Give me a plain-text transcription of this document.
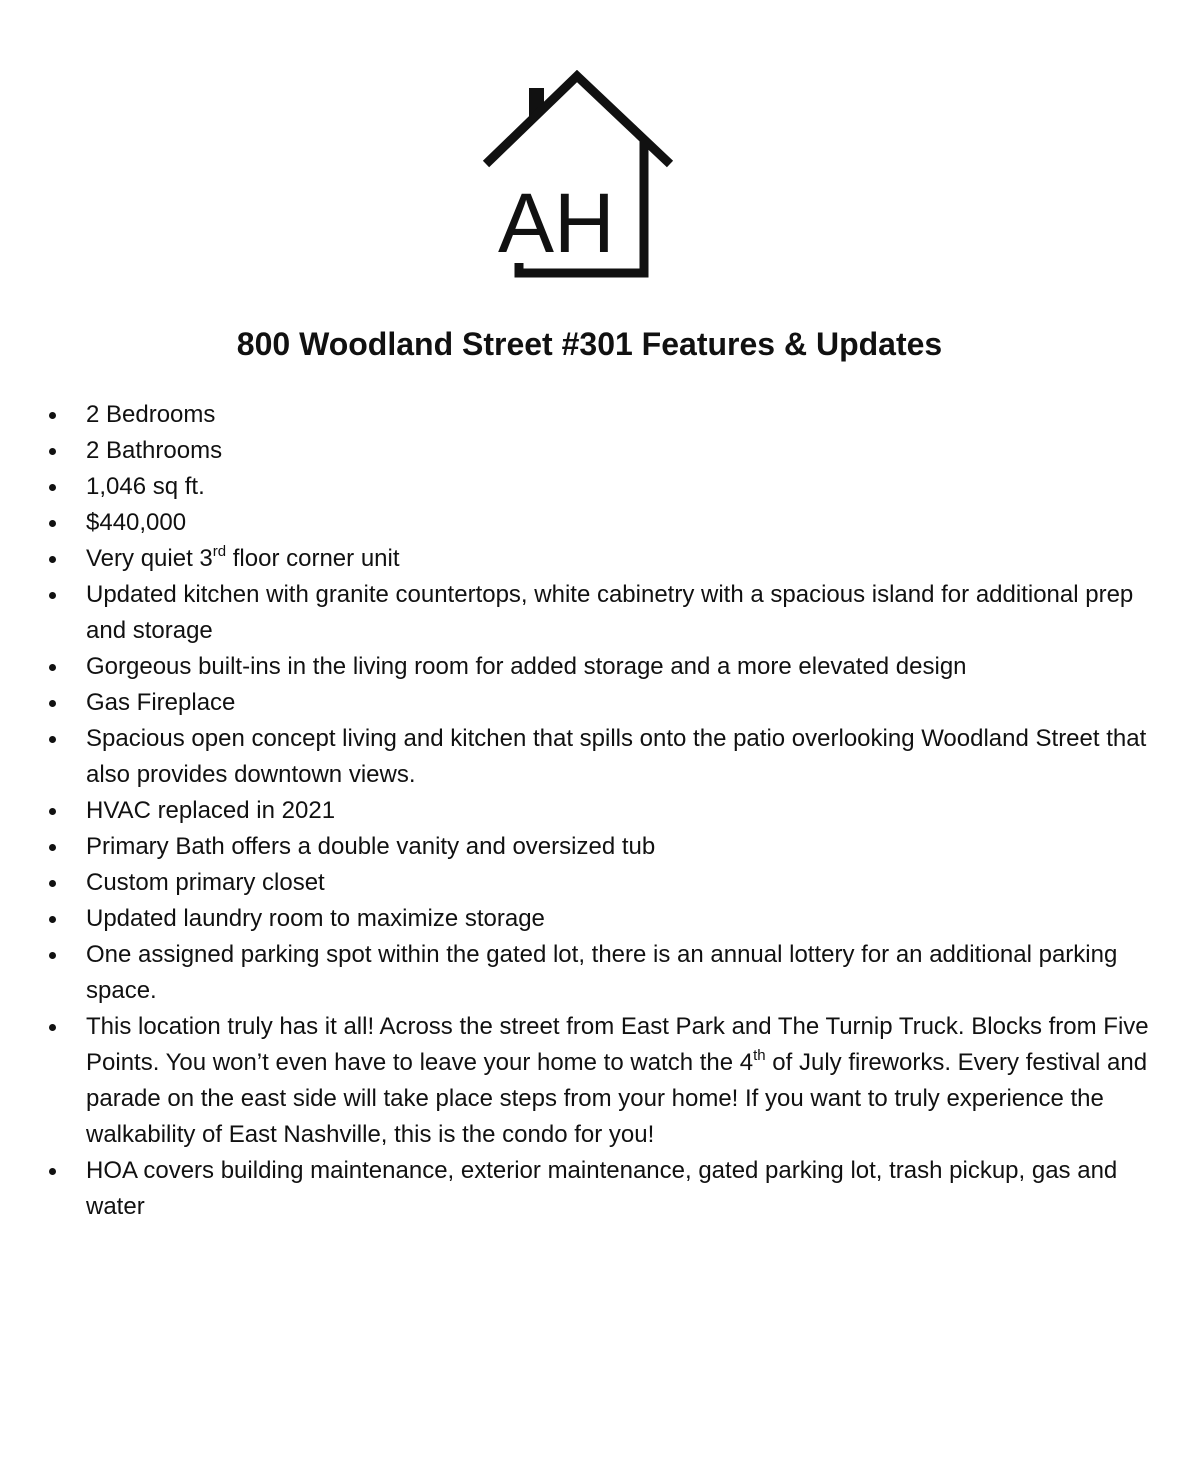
AH
800 Woodland Street #301 Features & Updates
2 Bedrooms
2 Bathrooms
1,046 sq ft.
$440,000
Very quiet 3rd floor corner unit
Updated kitchen with granite countertops, white cabinetry with a spacious island for additional prep and storage
Gorgeous built-ins in the living room for added storage and a more elevated design
Gas Fireplace
Spacious open concept living and kitchen that spills onto the patio overlooking Woodland Street that also provides downtown views.
HVAC replaced in 2021
Primary Bath offers a double vanity and oversized tub
Custom primary closet
Updated laundry room to maximize storage
One assigned parking spot within the gated lot, there is an annual lottery for an additional parking space.
This location truly has it all! Across the street from East Park and The Turnip Truck. Blocks from Five Points. You won’t even have to leave your home to watch the 4th of July fireworks. Every festival and parade on the east side will take place steps from your home! If you want to truly experience the walkability of East Nashville, this is the condo for you!
HOA covers building maintenance, exterior maintenance, gated parking lot, trash pickup, gas and water
